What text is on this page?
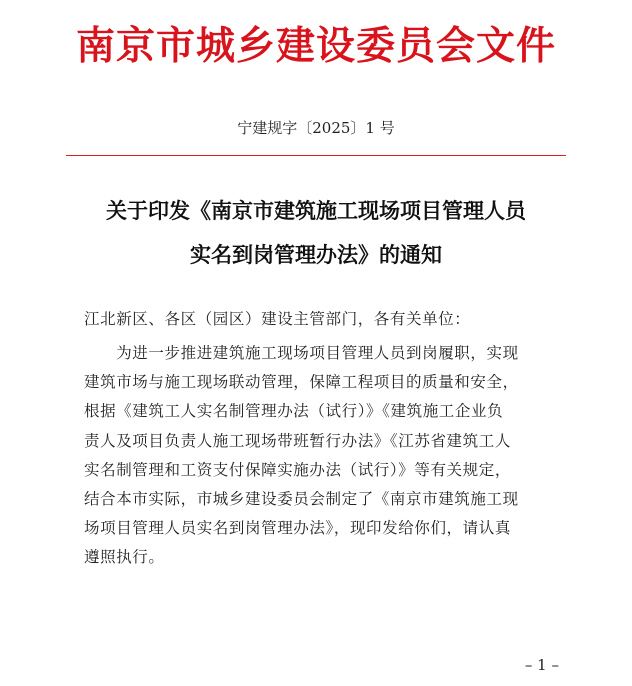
南京市城乡建设委员会文件
宁建规字〔2025〕1 号
关于印发《南京市建筑施工现场项目管理人员
实名到岗管理办法》的通知
江北新区、各区（园区）建设主管部门，各有关单位：
　　为进一步推进建筑施工现场项目管理人员到岗履职，实现
建筑市场与施工现场联动管理，保障工程项目的质量和安全，
根据《建筑工人实名制管理办法（试行）》《建筑施工企业负
责人及项目负责人施工现场带班暂行办法》《江苏省建筑工人
实名制管理和工资支付保障实施办法（试行）》等有关规定，
结合本市实际，市城乡建设委员会制定了《南京市建筑施工现
场项目管理人员实名到岗管理办法》，现印发给你们，请认真
遵照执行。
– 1 –
